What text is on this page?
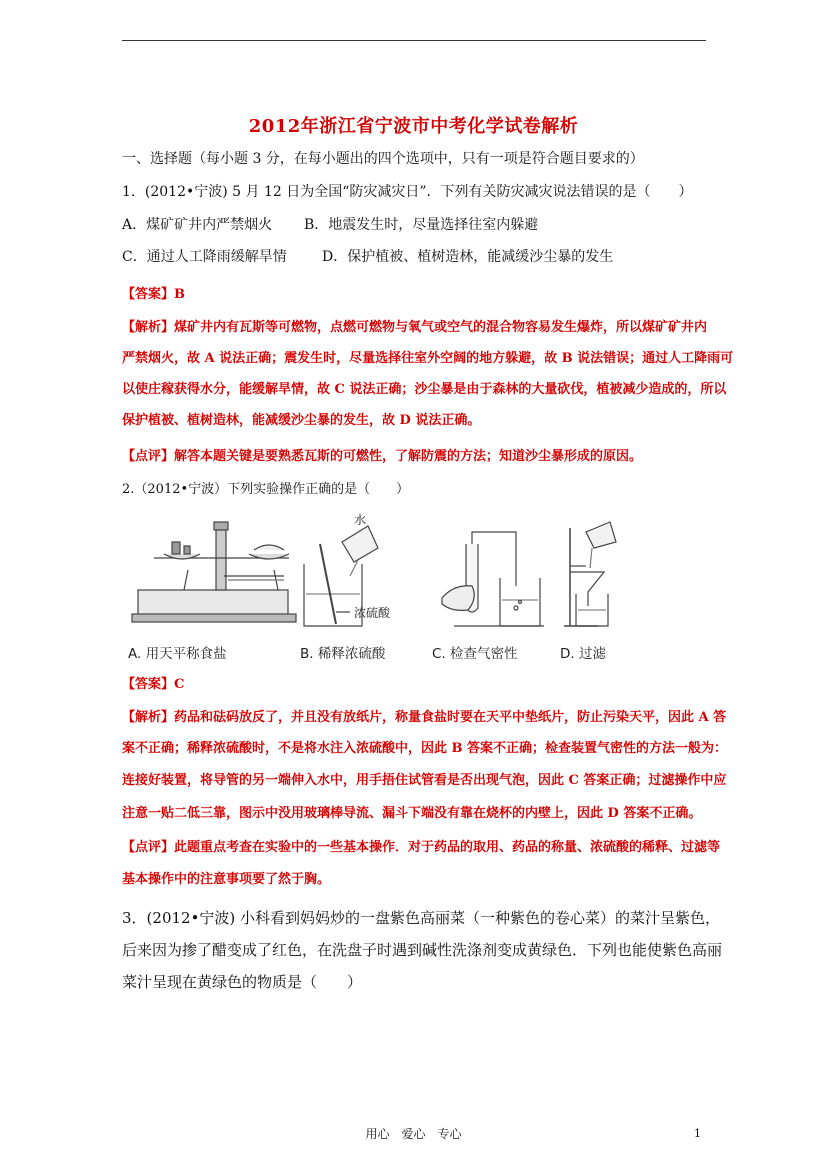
2012年浙江省宁波市中考化学试卷解析
一、选择题（每小题 3 分，在每小题出的四个选项中，只有一项是符合题目要求的）
1．(2012•宁波) 5 月 12 日为全国“防灾减灾日”．下列有关防灾减灾说法错误的是（　　）
A．煤矿矿井内严禁烟火 B．地震发生时，尽量选择往室内躲避
C．通过人工降雨缓解旱情	D．保护植被、植树造林，能减缓沙尘暴的发生
【答案】B
【解析】煤矿井内有瓦斯等可燃物，点燃可燃物与氧气或空气的混合物容易发生爆炸，所以煤矿矿井内
严禁烟火，故 A 说法正确；震发生时，尽量选择往室外空阔的地方躲避，故 B 说法错误；通过人工降雨可
以使庄稼获得水分，能缓解旱情，故 C 说法正确；沙尘暴是由于森林的大量砍伐，植被减少造成的，所以
保护植被、植树造林，能减缓沙尘暴的发生，故 D 说法正确。
【点评】解答本题关键是要熟悉瓦斯的可燃性，了解防震的方法；知道沙尘暴形成的原因。
2.（2012•宁波）下列实验操作正确的是（　　）
水
浓硫酸
A. 用天平称食盐	B. 稀释浓硫酸	C. 检查气密性	D. 过滤
【答案】C
【解析】药品和砝码放反了，并且没有放纸片，称量食盐时要在天平中垫纸片，防止污染天平，因此 A 答
案不正确；稀释浓硫酸时，不是将水注入浓硫酸中，因此 B 答案不正确；检查装置气密性的方法一般为：
连接好装置，将导管的另一端伸入水中，用手捂住试管看是否出现气泡，因此 C 答案正确；过滤操作中应
注意一贴二低三靠，图示中没用玻璃棒导流、漏斗下端没有靠在烧杯的内壁上，因此 D 答案不正确。
【点评】此题重点考查在实验中的一些基本操作．对于药品的取用、药品的称量、浓硫酸的稀释、过滤等
基本操作中的注意事项要了然于胸。
3．(2012•宁波) 小科看到妈妈炒的一盘紫色高丽菜（一种紫色的卷心菜）的菜汁呈紫色，
后来因为掺了醋变成了红色，在洗盘子时遇到碱性洗涤剂变成黄绿色．下列也能使紫色高丽
菜汁呈现在黄绿色的物质是（　　）
用心　爱心　专心	1
